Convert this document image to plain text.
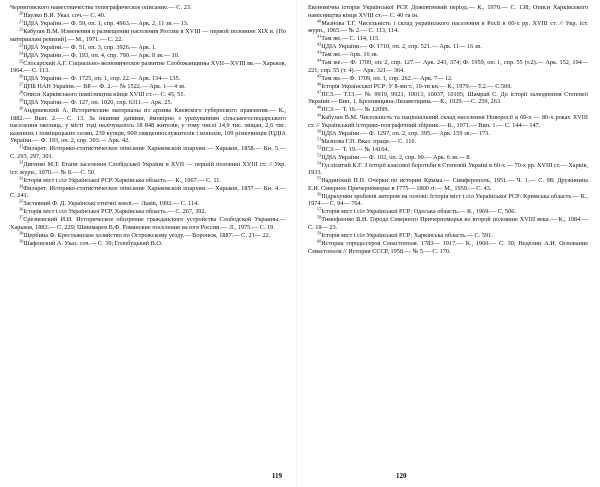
Черниговского наместничества топографическое описание.— С. 23.

$^{20}$Наулко В.И. Указ. соч.— С. 40.

$^{21}$ЦДІА України.— Ф. 59, оп. 1, спр. 4963.— Арк. 2, 11 зв.— 13.

$^{22}$Кабузан В.М. Изменения в размещении населения России в XVIII — первой половине XIX в. (По материалам ревизий).— М., 1971.— С. 22.

$^{23}$ЦДІА України.— Ф. 51, оп. 3, спр. 3926.— Арк. 1.

$^{24}$ЦДІА України.— Ф. 193, оп. 4, спр. 790.— Арк. 8 зв.— 10.

$^{25}$Слосарский А.Г. Социально-экономическое развитие Слобожанщины XVII—XVIII вв.— Харьков, 1964.— С. 113.

$^{26}$ЦДІА України.— Ф. 1725, оп. 1, спр. 22.— Арк. 134— 135.

$^{27}$ЦНБ НАН України.— ВР.— Ф. 2.— № 1522.— Арк. 1— 4 зв.

$^{28}$Описи Харківського намісництва кінця XVIII ст.— С. 45, 51.

$^{29}$ЦДІА України.— Ф. 127, оп. 1020, спр. 6311.— Арк. 25.

$^{30}$Андриевский А. Исторические материалы из архива Киевского губернского правления.— К., 1882.— Вып. 2.— С. 13. За іншими даними, ймовірно з урахуванням сільськогосподарського населення околиць, у місті тоді налічувалось 18 848 жителів, у тому числі 14,9 тис. міщан, 2,6 тис. казенних і поміщицьких селян, 239 купців, 909 священнослужителів і монахів, 109 різночинців (ЦДІА України.— Ф. 193, оп. 2, спр. 303.— Арк. 42.

$^{31}$Филарет. Историко-статистическое описание Харьковской епархии.— Харьков, 1858.— Кн. 5.— С. 293, 297, 301.

$^{32}$Дигенко М.Т. Етапи заселення Слобідської України в XVII — першій половині XVIII ст. // Укр. іст. журн., 1970.— № 8.— С. 50.

$^{33}$Історія міст і сіл Української РСР. Харківська область.— К., 1967.— С. 11.

$^{34}$Филарет. Историко-статистическое описание Харьковской епархии.— Харьков, 1857.— Кн. 4.— С. 241.

$^{35}$Заставний Ф. Д. Українські етнічні землі.— Львів, 1992.— С. 114.

$^{36}$Історія міст і сіл Української РСР. Харківська область.— С. 267, 392.

$^{37}$Срезневский И.И. Историческое обозрение гражданского устройства Слободской Украины.— Харьков, 1883.— С. 229; Шишмарев В.Ф. Романские поселения на юге России.— Л., 1975.— С. 19.

$^{38}$Щербина Ф. Крестьянское хозяйство по Острожскому уезду.— Воронеж, 1887.— С. 21— 22.

$^{39}$Шафонский А. Указ. соч.— С. 39; Голобуцький В.О.

119

Економічна історія Української РСР. Дожовтневий період.— К., 1970.— С. 138; Описи Харківського намісництва кінця XVIII ст.— С. 40 та ін.

$^{40}$Мазнова Т.Г. Чисельність і склад українського населення в Росії в 60-х рр. XVIII ст. // Укр. іст. журн., 1965.— № 2.— С. 113, 114.

$^{41}$Там же.— С. 114, 115.

$^{42}$ЦДІА України.— Ф. 1710, оп. 2, спр. 521.— Арк. 11— 16 зв.

$^{43}$Там же.— Арк. 16 зв.

$^{44}$Там же.— Ф. 1709, оп. 2, спр. 127.— Арк. 243, 374; Ф. 1959, оп. 1, спр. 55 (т.2).— Арк. 152, 194— 221; спр. 55 (т. 4).— Арк. 321— 364.

$^{45}$Там же.— Ф. 1709, оп. 1, спр. 262.— Арк. 7— 12.

$^{46}$Історія Української РСР: У 8-ми т., 10-ти кн.— К., 1979.— Т.2.— С.509.

$^{47}$ПСЗ.— Т.13.— № 9919, 9921, 10013, 10037, 10105; Шамрай С. До історії залюднення Степової України.— Вип. 1. Кропивщина-Лизаветщина.— К., 1929.— С. 259, 263.

$^{48}$ПСЗ.— Т. 16.— № 12099.

$^{49}$Кабузан В.М. Чисельність та національний склад населення Новоросії в 60-х — 80-х роках XVIII ст. // Український історико-географічний збірник.— К., 1971.— Вип. 1.— С. 144— 147.

$^{50}$ЦДІА України.— Ф. 1297, оп. 2, спр. 395.— Арк. 159 зв.— 173.

$^{51}$Мазнова Г.П. Вказ. праця.— С. 116.

$^{52}$ПСЗ.— Т. 19.— № 14164.

$^{53}$ЦДІА України.— Ф. 102, оп. 2, спр. 90.— Арк. 6 зв.— 8.

$^{54}$Гусліситий К.Г. З історії класової боротьби в Степовій Україні в 60-х — 70-х рр. XVIII ст.— Харків, 1933.

$^{55}$Надинский П.Н. Очерки по истории Крыма.— Симферополь, 1951.— Ч. 1.— С. 98; Дружинина Е.И. Северное Причерноморье в 1775— 1800 гг.— М., 1959.— С. 43.

$^{56}$Підрахунки зроблені автором на основі: Історія міст і сіл Української РСР: Кримська область.— К., 1974.— С. 94— 764.

$^{57}$Історія міст і сіл Української РСР: Одеська область.— К., 1969.— С. 506.

$^{58}$Тимофеенко В.И. Города Северного Причерноморья во второй половине XVIII века.— К., 1984.— С. 18— 23.

$^{59}$Історія міст і сіл Української РСР: Харківська область.— С. 591.

$^{60}$Историа города-героя Севастополя. 1783— 1917.— К., 1960.— С. 30; Неделин А.И. Основание Севастополя // История СССР, 1958.— № 5.— С. 170.

120
